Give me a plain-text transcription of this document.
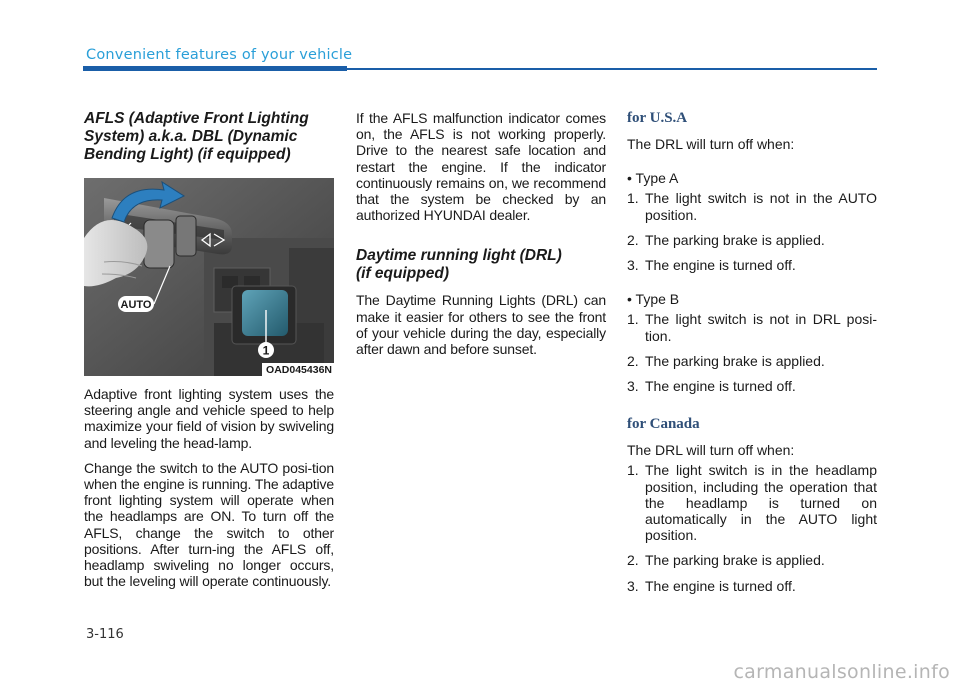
Convenient features of your vehicle
AFLS (Adaptive Front Lighting System) a.k.a. DBL (Dynamic Bending Light) (if equipped)
1
AUTO
OAD045436N

Adaptive front lighting system uses the steering angle and vehicle speed to help maximize your field of vision by swiveling and leveling the head-lamp.

Change the switch to the AUTO posi-tion when the engine is running. The adaptive front lighting system will operate when the headlamps are ON. To turn off the AFLS, change the switch to other positions. After turn-ing the AFLS off, headlamp swiveling no longer occurs, but the leveling will operate continuously.

If the AFLS malfunction indicator comes on, the AFLS is not working properly. Drive to the nearest safe location and restart the engine. If the indicator continuously remains on, we recommend that the system be checked by an authorized HYUNDAI dealer.

Daytime running light (DRL) (if equipped)

The Daytime Running Lights (DRL) can make it easier for others to see the front of your vehicle during the day, especially after dawn and before sunset.

for U.S.A

The DRL will turn off when:

• Type A

1. The light switch is not in the AUTO position.
2. The parking brake is applied.
3. The engine is turned off.

• Type B

1. The light switch is not in DRL posi-tion.
2. The parking brake is applied.
3. The engine is turned off.
for Canada

The DRL will turn off when:

1. The light switch is in the headlamp position, including the operation that the headlamp is turned on automatically in the AUTO light position.
2. The parking brake is applied.
3. The engine is turned off.
3-116
carmanualsonline.info
